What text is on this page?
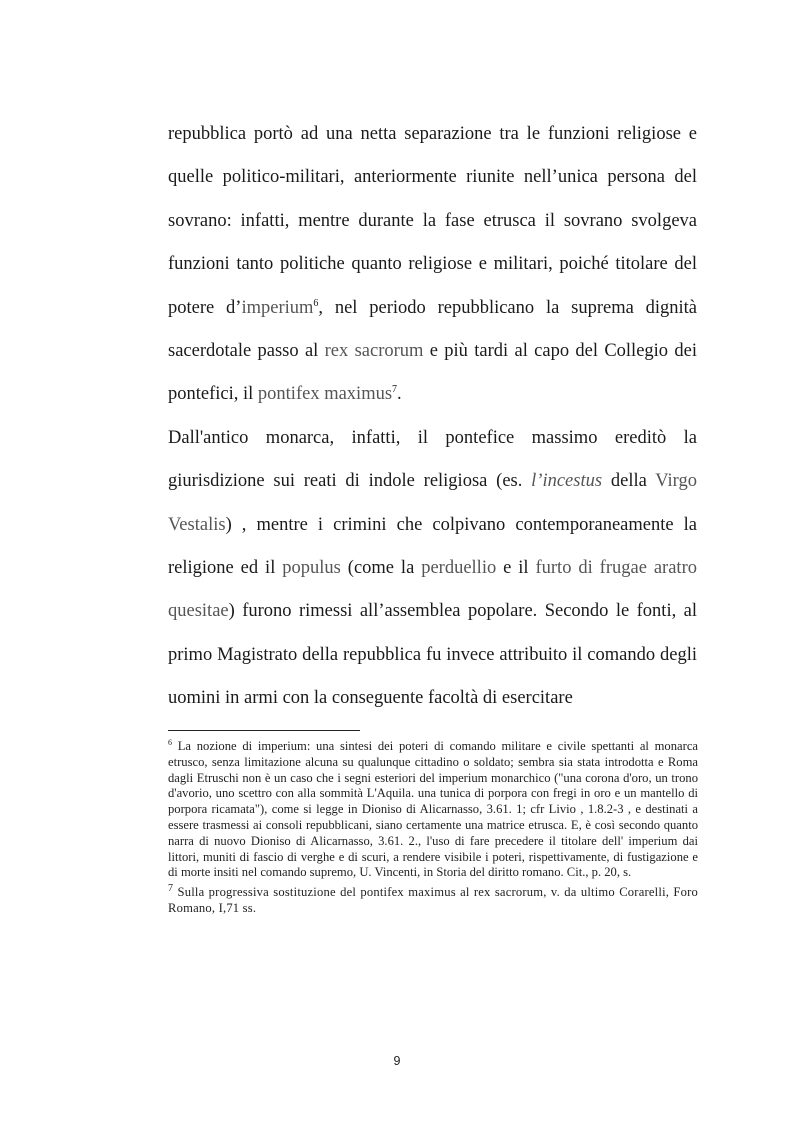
repubblica portò ad una netta separazione tra le funzioni religiose e quelle politico-militari, anteriormente riunite nell’unica persona del sovrano: infatti, mentre durante la fase etrusca il sovrano svolgeva funzioni tanto politiche quanto religiose e militari, poiché titolare del potere d’imperium$^6$, nel periodo repubblicano la suprema dignità sacerdotale passo al rex sacrorum e più tardi al capo del Collegio dei pontefici, il pontifex maximus$^7$.

Dall'antico monarca, infatti, il pontefice massimo ereditò la giurisdizione sui reati di indole religiosa (es. l’incestus della Virgo Vestalis) , mentre i crimini che colpivano contemporaneamente la religione ed il populus (come la perduellio e il furto di frugae aratro quesitae) furono rimessi all’assemblea popolare. Secondo le fonti, al primo Magistrato della repubblica fu invece attribuito il comando degli uomini in armi con la conseguente facoltà di esercitare

$^6$ La nozione di imperium: una sintesi dei poteri di comando militare e civile spettanti al monarca etrusco, senza limitazione alcuna su qualunque cittadino o soldato; sembra sia stata introdotta e Roma dagli Etruschi non è un caso che i segni esteriori del imperium monarchico ("una corona d'oro, un trono d'avorio, uno scettro con alla sommità L'Aquila. una tunica di porpora con fregi in oro e un mantello di porpora ricamata"), come si legge in Dioniso di Alicarnasso, 3.61. 1; cfr Livio , 1.8.2-3 , e destinati a essere trasmessi ai consoli repubblicani, siano certamente una matrice etrusca. E, è così secondo quanto narra di nuovo Dioniso di Alicarnasso, 3.61. 2., l'uso di fare precedere il titolare dell' imperium dai littori, muniti di fascio di verghe e di scuri, a rendere visibile i poteri, rispettivamente, di fustigazione e di morte insiti nel comando supremo, U. Vincenti, in Storia del diritto romano. Cit., p. 20, s.

$^7$ Sulla progressiva sostituzione del pontifex maximus al rex sacrorum, v. da ultimo Corarelli, Foro Romano, I,71 ss.

9
